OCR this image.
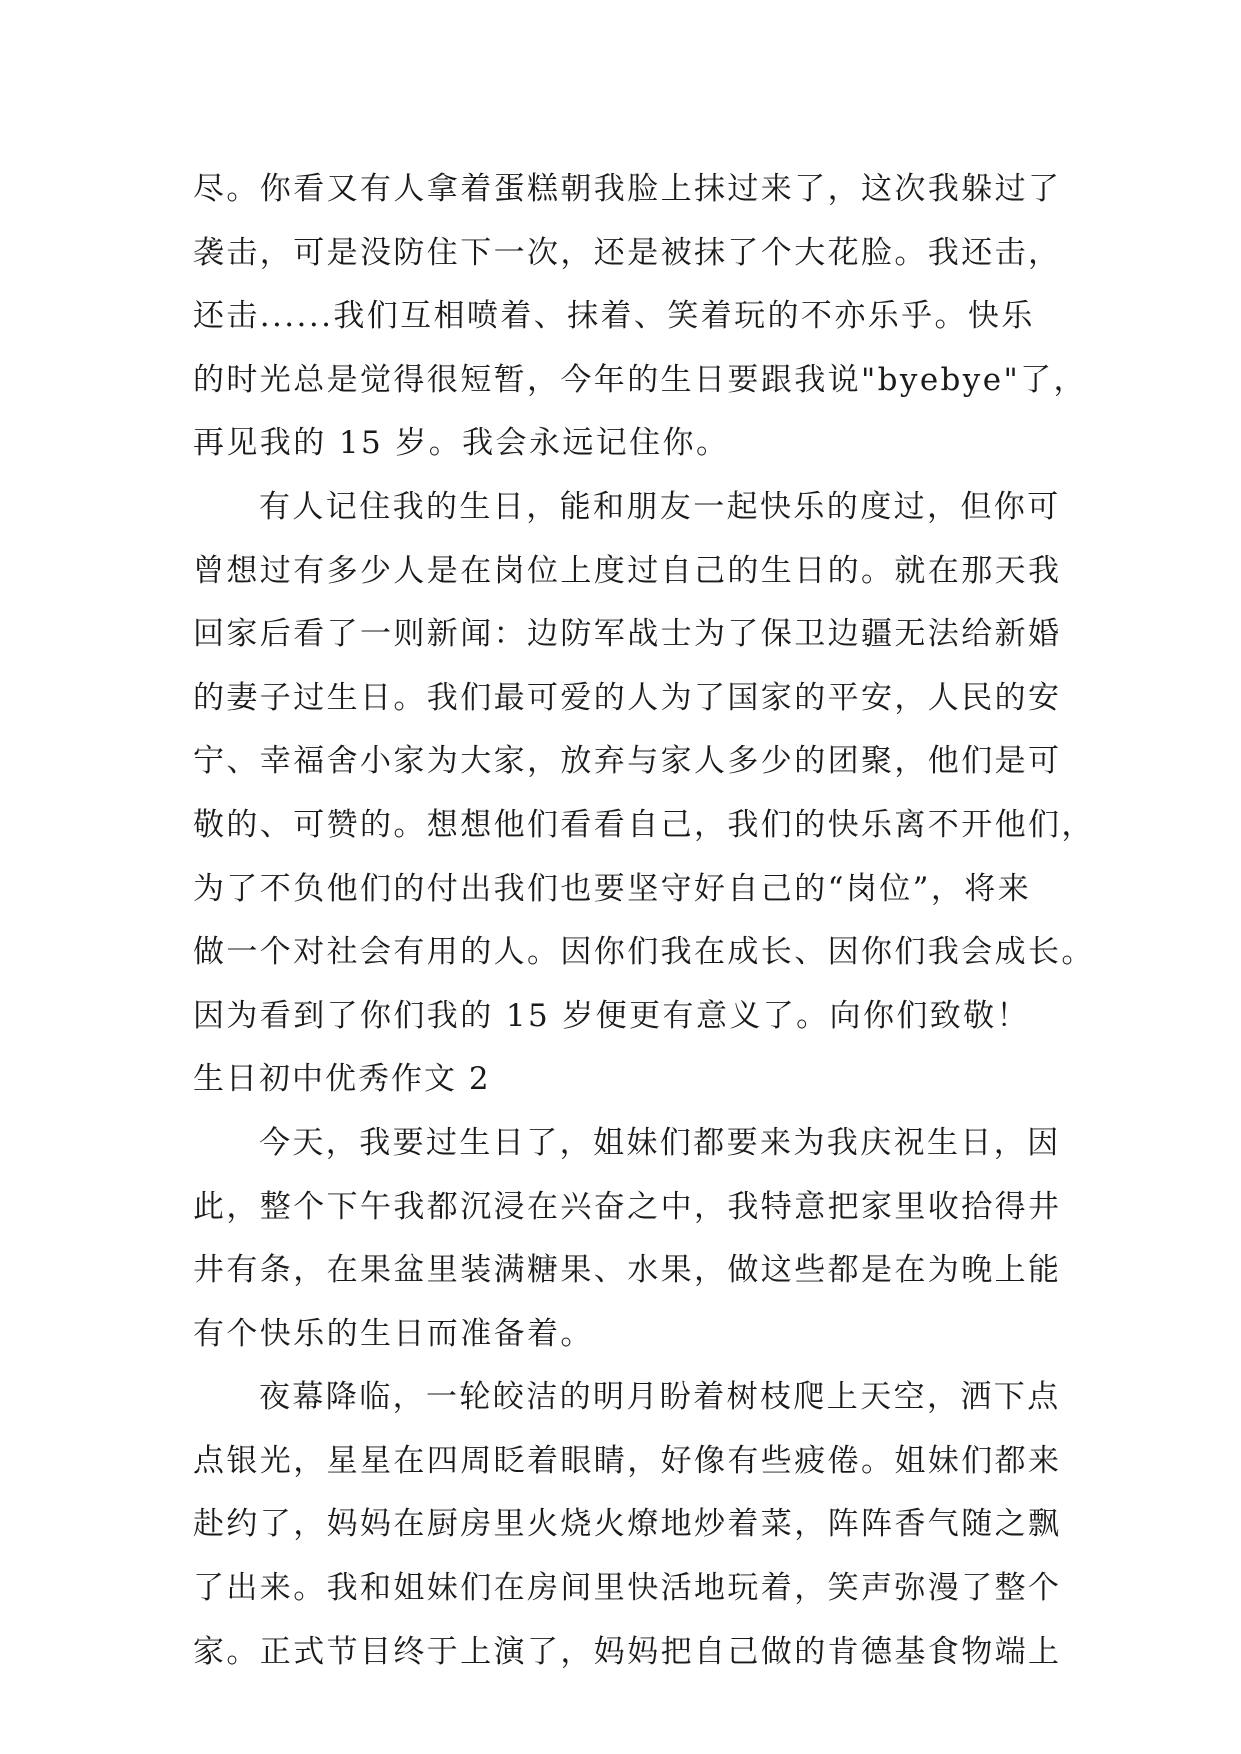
尽。你看又有人拿着蛋糕朝我脸上抹过来了，这次我躲过了
袭击，可是没防住下一次，还是被抹了个大花脸。我还击，
还击......我们互相喷着、抹着、笑着玩的不亦乐乎。快乐
的时光总是觉得很短暂，今年的生日要跟我说"byebye"了，
再见我的 15 岁。我会永远记住你。
有人记住我的生日，能和朋友一起快乐的度过，但你可
曾想过有多少人是在岗位上度过自己的生日的。就在那天我
回家后看了一则新闻：边防军战士为了保卫边疆无法给新婚
的妻子过生日。我们最可爱的人为了国家的平安，人民的安
宁、幸福舍小家为大家，放弃与家人多少的团聚，他们是可
敬的、可赞的。想想他们看看自己，我们的快乐离不开他们，
为了不负他们的付出我们也要坚守好自己的“岗位”，将来
做一个对社会有用的人。因你们我在成长、因你们我会成长。
因为看到了你们我的 15 岁便更有意义了。向你们致敬！
生日初中优秀作文 2
今天，我要过生日了，姐妹们都要来为我庆祝生日，因
此，整个下午我都沉浸在兴奋之中，我特意把家里收拾得井
井有条，在果盆里装满糖果、水果，做这些都是在为晚上能
有个快乐的生日而准备着。
夜幕降临，一轮皎洁的明月盼着树枝爬上天空，洒下点
点银光，星星在四周眨着眼睛，好像有些疲倦。姐妹们都来
赴约了，妈妈在厨房里火烧火燎地炒着菜，阵阵香气随之飘
了出来。我和姐妹们在房间里快活地玩着，笑声弥漫了整个
家。正式节目终于上演了，妈妈把自己做的肯德基食物端上
